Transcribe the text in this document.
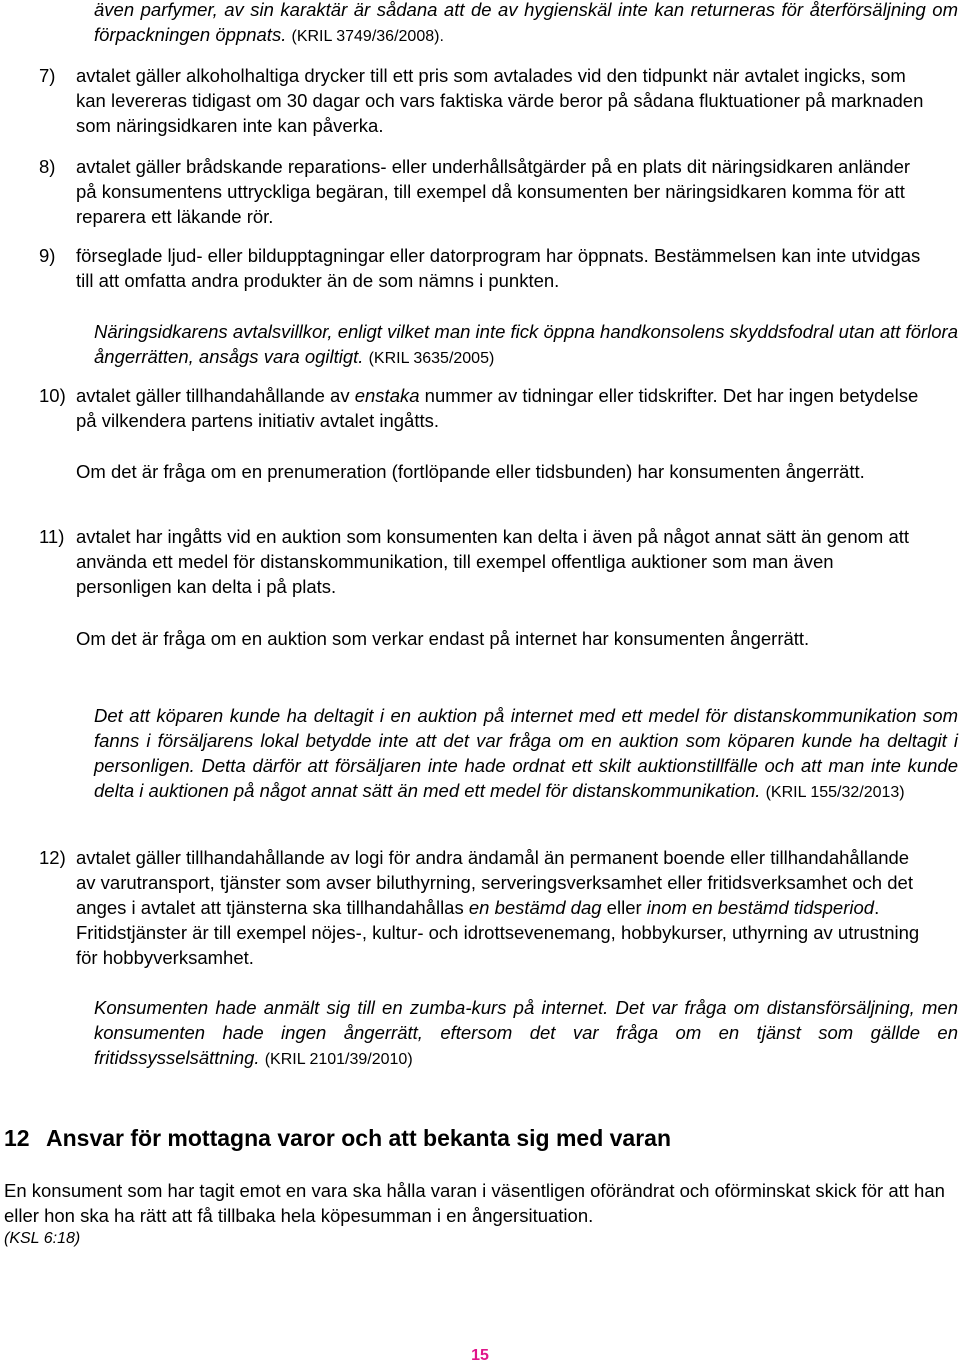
även parfymer, av sin karaktär är sådana att de av hygienskäl inte kan returneras för återförsäljning om förpackningen öppnats. (KRIL 3749/36/2008).

7) avtalet gäller alkoholhaltiga drycker till ett pris som avtalades vid den tidpunkt när avtalet ingicks, som kan levereras tidigast om 30 dagar och vars faktiska värde beror på sådana fluktuationer på marknaden som näringsidkaren inte kan påverka.

8) avtalet gäller brådskande reparations- eller underhållsåtgärder på en plats dit näringsidkaren anländer på konsumentens uttryckliga begäran, till exempel då konsumenten ber näringsidkaren komma för att reparera ett läkande rör.

9) förseglade ljud- eller bildupptagningar eller datorprogram har öppnats. Bestämmelsen kan inte utvidgas till att omfatta andra produkter än de som nämns i punkten.

Näringsidkarens avtalsvillkor, enligt vilket man inte fick öppna handkonsolens skyddsfodral utan att förlora ångerrätten, ansågs vara ogiltigt. (KRIL 3635/2005)

10) avtalet gäller tillhandahållande av enstaka nummer av tidningar eller tidskrifter. Det har ingen betydelse på vilkendera partens initiativ avtalet ingåtts.

Om det är fråga om en prenumeration (fortlöpande eller tidsbunden) har konsumenten ångerrätt.

11) avtalet har ingåtts vid en auktion som konsumenten kan delta i även på något annat sätt än genom att använda ett medel för distanskommunikation, till exempel offentliga auktioner som man även personligen kan delta i på plats.

Om det är fråga om en auktion som verkar endast på internet har konsumenten ångerrätt.

Det att köparen kunde ha deltagit i en auktion på internet med ett medel för distanskommunikation som fanns i försäljarens lokal betydde inte att det var fråga om en auktion som köparen kunde ha deltagit i personligen. Detta därför att försäljaren inte hade ordnat ett skilt auktionstillfälle och att man inte kunde delta i auktionen på något annat sätt än med ett medel för distanskommunikation. (KRIL 155/32/2013)

12) avtalet gäller tillhandahållande av logi för andra ändamål än permanent boende eller tillhandahållande av varutransport, tjänster som avser biluthyrning, serveringsverksamhet eller fritidsverksamhet och det anges i avtalet att tjänsterna ska tillhandahållas en bestämd dag eller inom en bestämd tidsperiod. Fritidstjänster är till exempel nöjes-, kultur- och idrottsevenemang, hobbykurser, uthyrning av utrustning för hobbyverksamhet.

Konsumenten hade anmält sig till en zumba-kurs på internet. Det var fråga om distansförsäljning, men konsumenten hade ingen ångerrätt, eftersom det var fråga om en tjänst som gällde en fritidssysselsättning. (KRIL 2101/39/2010)

12 Ansvar för mottagna varor och att bekanta sig med varan

En konsument som har tagit emot en vara ska hålla varan i väsentligen oförändrat och oförminskat skick för att han eller hon ska ha rätt att få tillbaka hela köpesumman i en ångersituation.

(KSL 6:18)

15
